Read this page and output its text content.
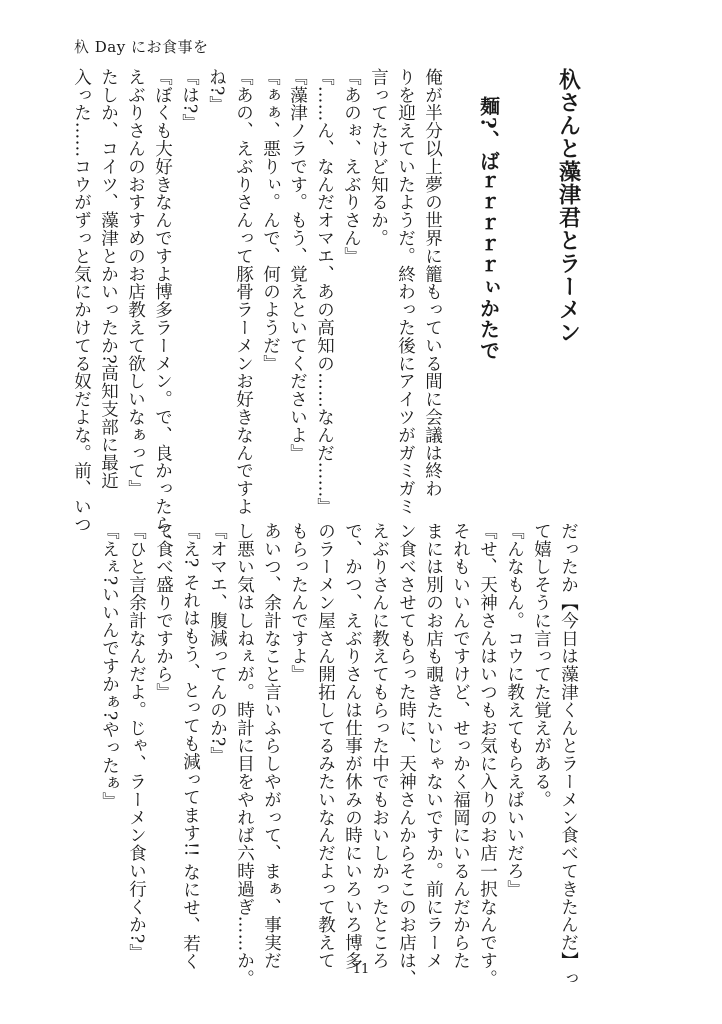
杁 Day にお食事を
杁さんと藻津君とラーメン
麺?、ばｒｒｒｒｒぃかたで
俺が半分以上夢の世界に籠もっている間に会議は終わ
りを迎えていたようだ。終わった後にアイツがガミガミ
言ってたけど知るか。
『あのぉ、えぶりさん』
『……ん、なんだオマエ、あの高知の……なんだ……』
『藻津ノラです。もう、覚えといてくださいよ』
『ぁぁ、悪りぃ。んで、何のようだ』
『あの、えぶりさんって豚骨ラーメンお好きなんですよ
ね?』
『は?』
『ぼくも大好きなんですよ博多ラーメン。で、良かったら、
えぶりさんのおすすめのお店教えて欲しいなぁって』
たしか、コイツ、藻津とかいったか?高知支部に最近
入った……コウがずっと気にかけてる奴だよな。前、いつ
だったか【今日は藻津くんとラーメン食べてきたんだ】っ
て嬉しそうに言ってた覚えがある。
『んなもん。コウに教えてもらえばいいだろ』
『せ、天神さんはいつもお気に入りのお店一択なんです。
それもいいんですけど、せっかく福岡にいるんだからた
まには別のお店も覗きたいじゃないですか。前にラーメ
ン食べさせてもらった時に、天神さんからそこのお店は、
えぶりさんに教えてもらった中でもおいしかったところ
で、かつ、えぶりさんは仕事が休みの時にいろいろ博多
のラーメン屋さん開拓してるみたいなんだよって教えて
もらったんですよ』
あいつ、余計なこと言いふらしやがって、まぁ、事実だ
し悪い気はしねぇが。時計に目をやれば六時過ぎ……か。
『オマエ、腹減ってんのか?』
『え? それはもう、とっても減ってます!! なにせ、若く
て食べ盛りですから』
『ひと言余計なんだよ。じゃ、ラーメン食い行くか?』
『えぇ?いいんですかぁ?やったぁ』
11
